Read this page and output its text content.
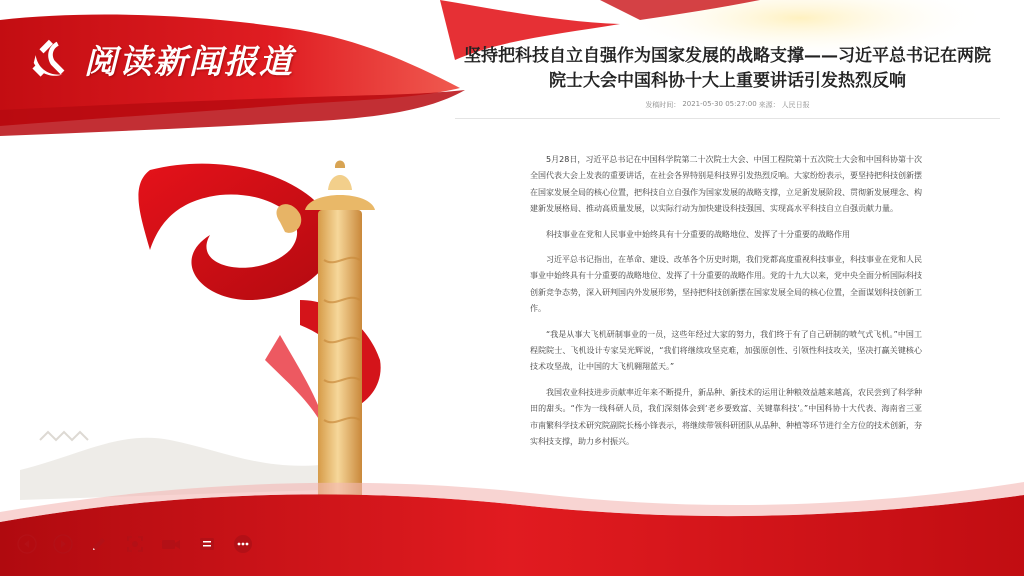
阅读新闻报道	坚持把科技自立自强作为国家发展的战略支撑——习近平总书记在两院
院士大会中国科协十大上重要讲话引发热烈反响
发稿时间： 2021-05-30 05:27:00 来源： 人民日报

5月28日，习近平总书记在中国科学院第二十次院士大会、中国工程院第十五次院士大会和中国科协第十次全国代表大会上发表的重要讲话，在社会各界特别是科技界引发热烈反响。大家纷纷表示，要坚持把科技创新摆在国家发展全局的核心位置，把科技自立自强作为国家发展的战略支撑，立足新发展阶段、贯彻新发展理念、构建新发展格局、推动高质量发展，以实际行动为加快建设科技强国、实现高水平科技自立自强贡献力量。

科技事业在党和人民事业中始终具有十分重要的战略地位、发挥了十分重要的战略作用

习近平总书记指出，在革命、建设、改革各个历史时期，我们党都高度重视科技事业，科技事业在党和人民事业中始终具有十分重要的战略地位、发挥了十分重要的战略作用。党的十九大以来，党中央全面分析国际科技创新竞争态势，深入研判国内外发展形势，坚持把科技创新摆在国家发展全局的核心位置，全面谋划科技创新工作。

“我是从事大飞机研制事业的一员，这些年经过大家的努力，我们终于有了自己研制的喷气式飞机。”中国工程院院士、飞机设计专家吴光辉说，“我们将继续攻坚克难，加强原创性、引领性科技攻关，坚决打赢关键核心技术攻坚战，让中国的大飞机翱翔蓝天。”

我国农业科技进步贡献率近年来不断提升，新品种、新技术的运用让种粮效益越来越高，农民尝到了科学种田的甜头。“作为一线科研人员，我们深刻体会到‘老乡要致富、关键靠科技’。”中国科协十大代表、海南省三亚市南繁科学技术研究院副院长杨小锋表示，将继续带领科研团队从品种、种植等环节进行全方位的技术创新，夯实科技支撑，助力乡村振兴。
